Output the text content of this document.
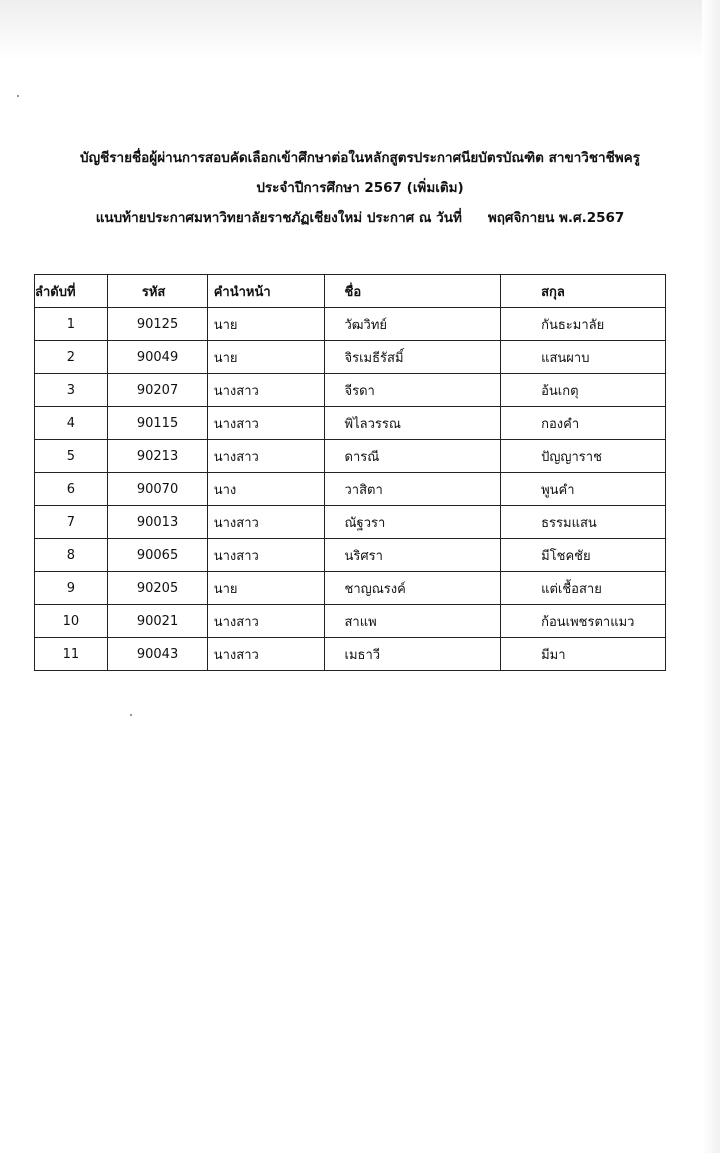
บัญชีรายชื่อผู้ผ่านการสอบคัดเลือกเข้าศึกษาต่อในหลักสูตรประกาศนียบัตรบัณฑิต สาขาวิชาชีพครู
ประจำปีการศึกษา 2567 (เพิ่มเติม)
แนบท้ายประกาศมหาวิทยาลัยราชภัฏเชียงใหม่ ประกาศ ณ วันที่ พฤศจิกายน พ.ศ.2567
ลำดับที่	รหัส	คำนำหน้า	ชื่อ	สกุล
1	90125	นาย	วัฒวิทย์	กันธะมาลัย
2	90049	นาย	จิรเมธีรัสมิ์	แสนผาบ
3	90207	นางสาว	จีรดา	อ้นเกตุ
4	90115	นางสาว	พิไลวรรณ	กองคำ
5	90213	นางสาว	ดารณี	ปัญญาราช
6	90070	นาง	วาสิตา	พูนคำ
7	90013	นางสาว	ณัฐวรา	ธรรมแสน
8	90065	นางสาว	นริศรา	มีโชคชัย
9	90205	นาย	ชาญณรงค์	แต่เชื้อสาย
10	90021	นางสาว	สาแพ	ก้อนเพชรตาแมว
11	90043	นางสาว	เมธาวี	มีมา
